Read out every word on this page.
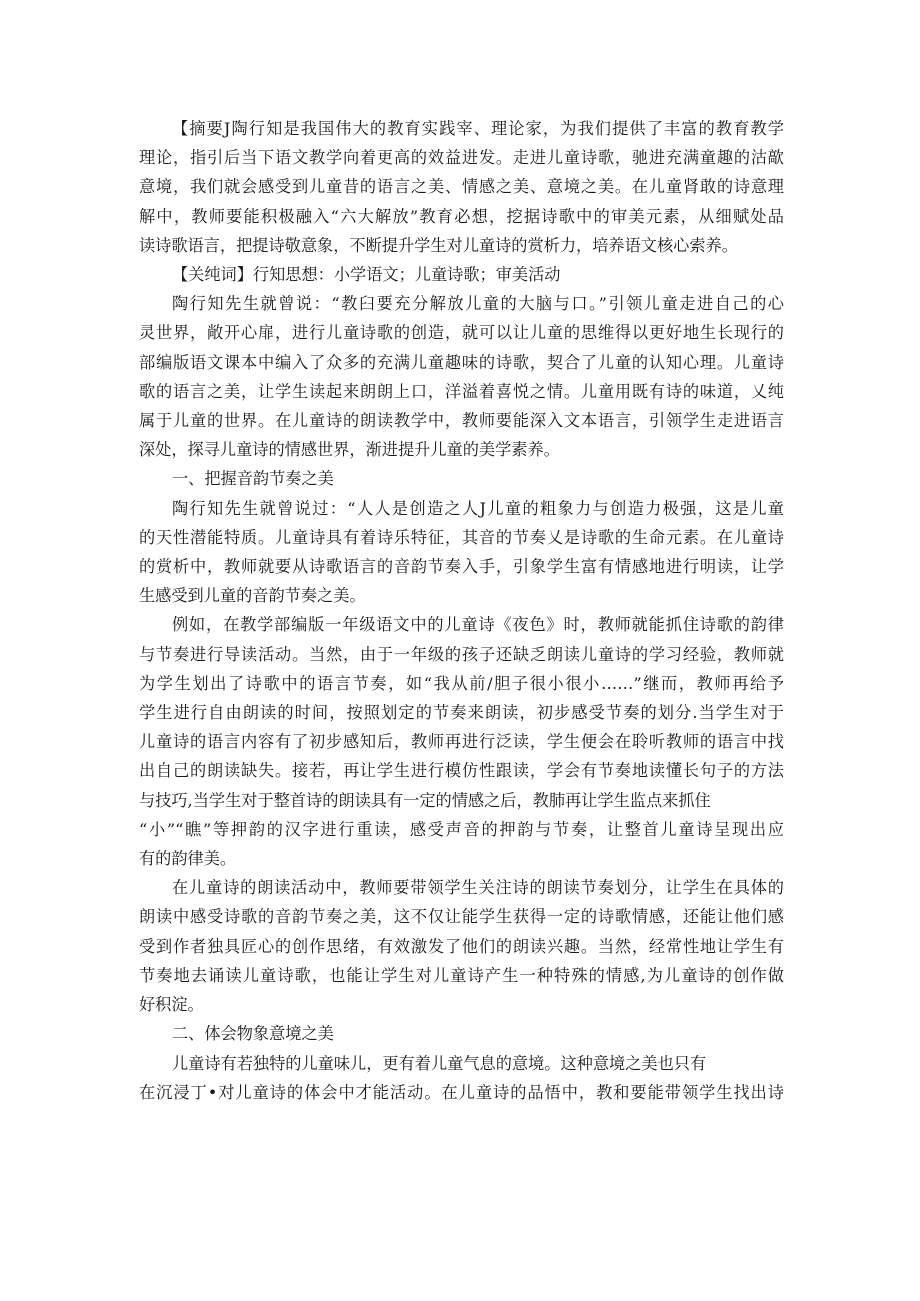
【摘要J陶行知是我国伟大的教育实践宰、理论家，为我们提供了丰富的教育教学
理论，指引后当下语文教学向着更高的效益进发。走进儿童诗歌，驰进充满童趣的沽歊
意境，我们就会感受到儿童昔的语言之美、情感之美、意境之美。在儿童肾敢的诗意理
解中，教师要能积极融入“六大解放”教育必想，挖据诗歌中的审美元素，从细赋处品
读诗歌语言，把提诗敬意象，不断提升学生对儿童诗的赏析力，培养语文核心索养。
【关纯词】行知思想：小学语文；儿童诗歌；审美活动
陶行知先生就曾说：“教臼要充分解放儿童的大脑与口。”引领儿童走进自己的心
灵世界，敞开心扉，进行儿童诗歌的创造，就可以让儿童的思维得以更好地生长现行的
部编版语文课本中编入了众多的充满儿童趣味的诗歌，契合了儿童的认知心理。儿童诗
歌的语言之美，让学生读起来朗朗上口，洋溢着喜悦之情。儿童用既有诗的味道，乂纯
属于儿童的世界。在儿童诗的朗读教学中，教师要能深入文本语言，引领学生走进语言
深处，探寻儿童诗的情感世界，渐进提升儿童的美学素养。

一、把握音韵节奏之美

陶行知先生就曾说过：“人人是创造之人J儿童的粗象力与创造力极强，这是儿童
的天性潜能特质。儿童诗具有着诗乐特征，其音的节奏乂是诗歌的生命元素。在儿童诗
的赏析中，教师就要从诗歌语言的音韵节奏入手，引象学生富有情感地进行明读，让学
生感受到儿童的音韵节奏之美。
例如，在教学部编版一年级语文中的儿童诗《夜色》时，教师就能抓住诗歌的韵律
与节奏进行导读活动。当然，由于一年级的孩子还缺乏朗读儿童诗的学习经验，教师就
为学生划出了诗歌中的语言节奏，如“我从前/胆子很小很小……”继而，教师再给予
学生进行自由朗读的时间，按照划定的节奏来朗读，初步感受节奏的划分.当学生对于
儿童诗的语言内容有了初步感知后，教师再进行泛读，学生便会在聆听教师的语言中找
出自己的朗读缺失。接若，再让学生进行模仿性跟读，学会有节奏地读懂长句子的方法
与技巧,当学生对于整首诗的朗读具有一定的情感之后，教肺再让学生监点来抓住
“小”“瞧”等押韵的汉字进行重读，感受声音的押韵与节奏，让整首儿童诗呈现出应
有的韵律美。
在儿童诗的朗读活动中，教师要带领学生关注诗的朗读节奏划分，让学生在具体的
朗读中感受诗歌的音韵节奏之美，这不仅让能学生获得一定的诗歌情感，还能让他们感
受到作者独具匠心的创作思绪，有效激发了他们的朗读兴趣。当然，经常性地让学生有
节奏地去诵读儿童诗歌，也能让学生对儿童诗产生一种特殊的情感,为儿童诗的创作做
好积淀。

二、体会物象意境之美

儿童诗有若独特的儿童味儿，更有着儿童气息的意境。这种意境之美也只有
在沉浸丁•对儿童诗的体会中才能活动。在儿童诗的品悟中，教和要能带领学生找出诗
